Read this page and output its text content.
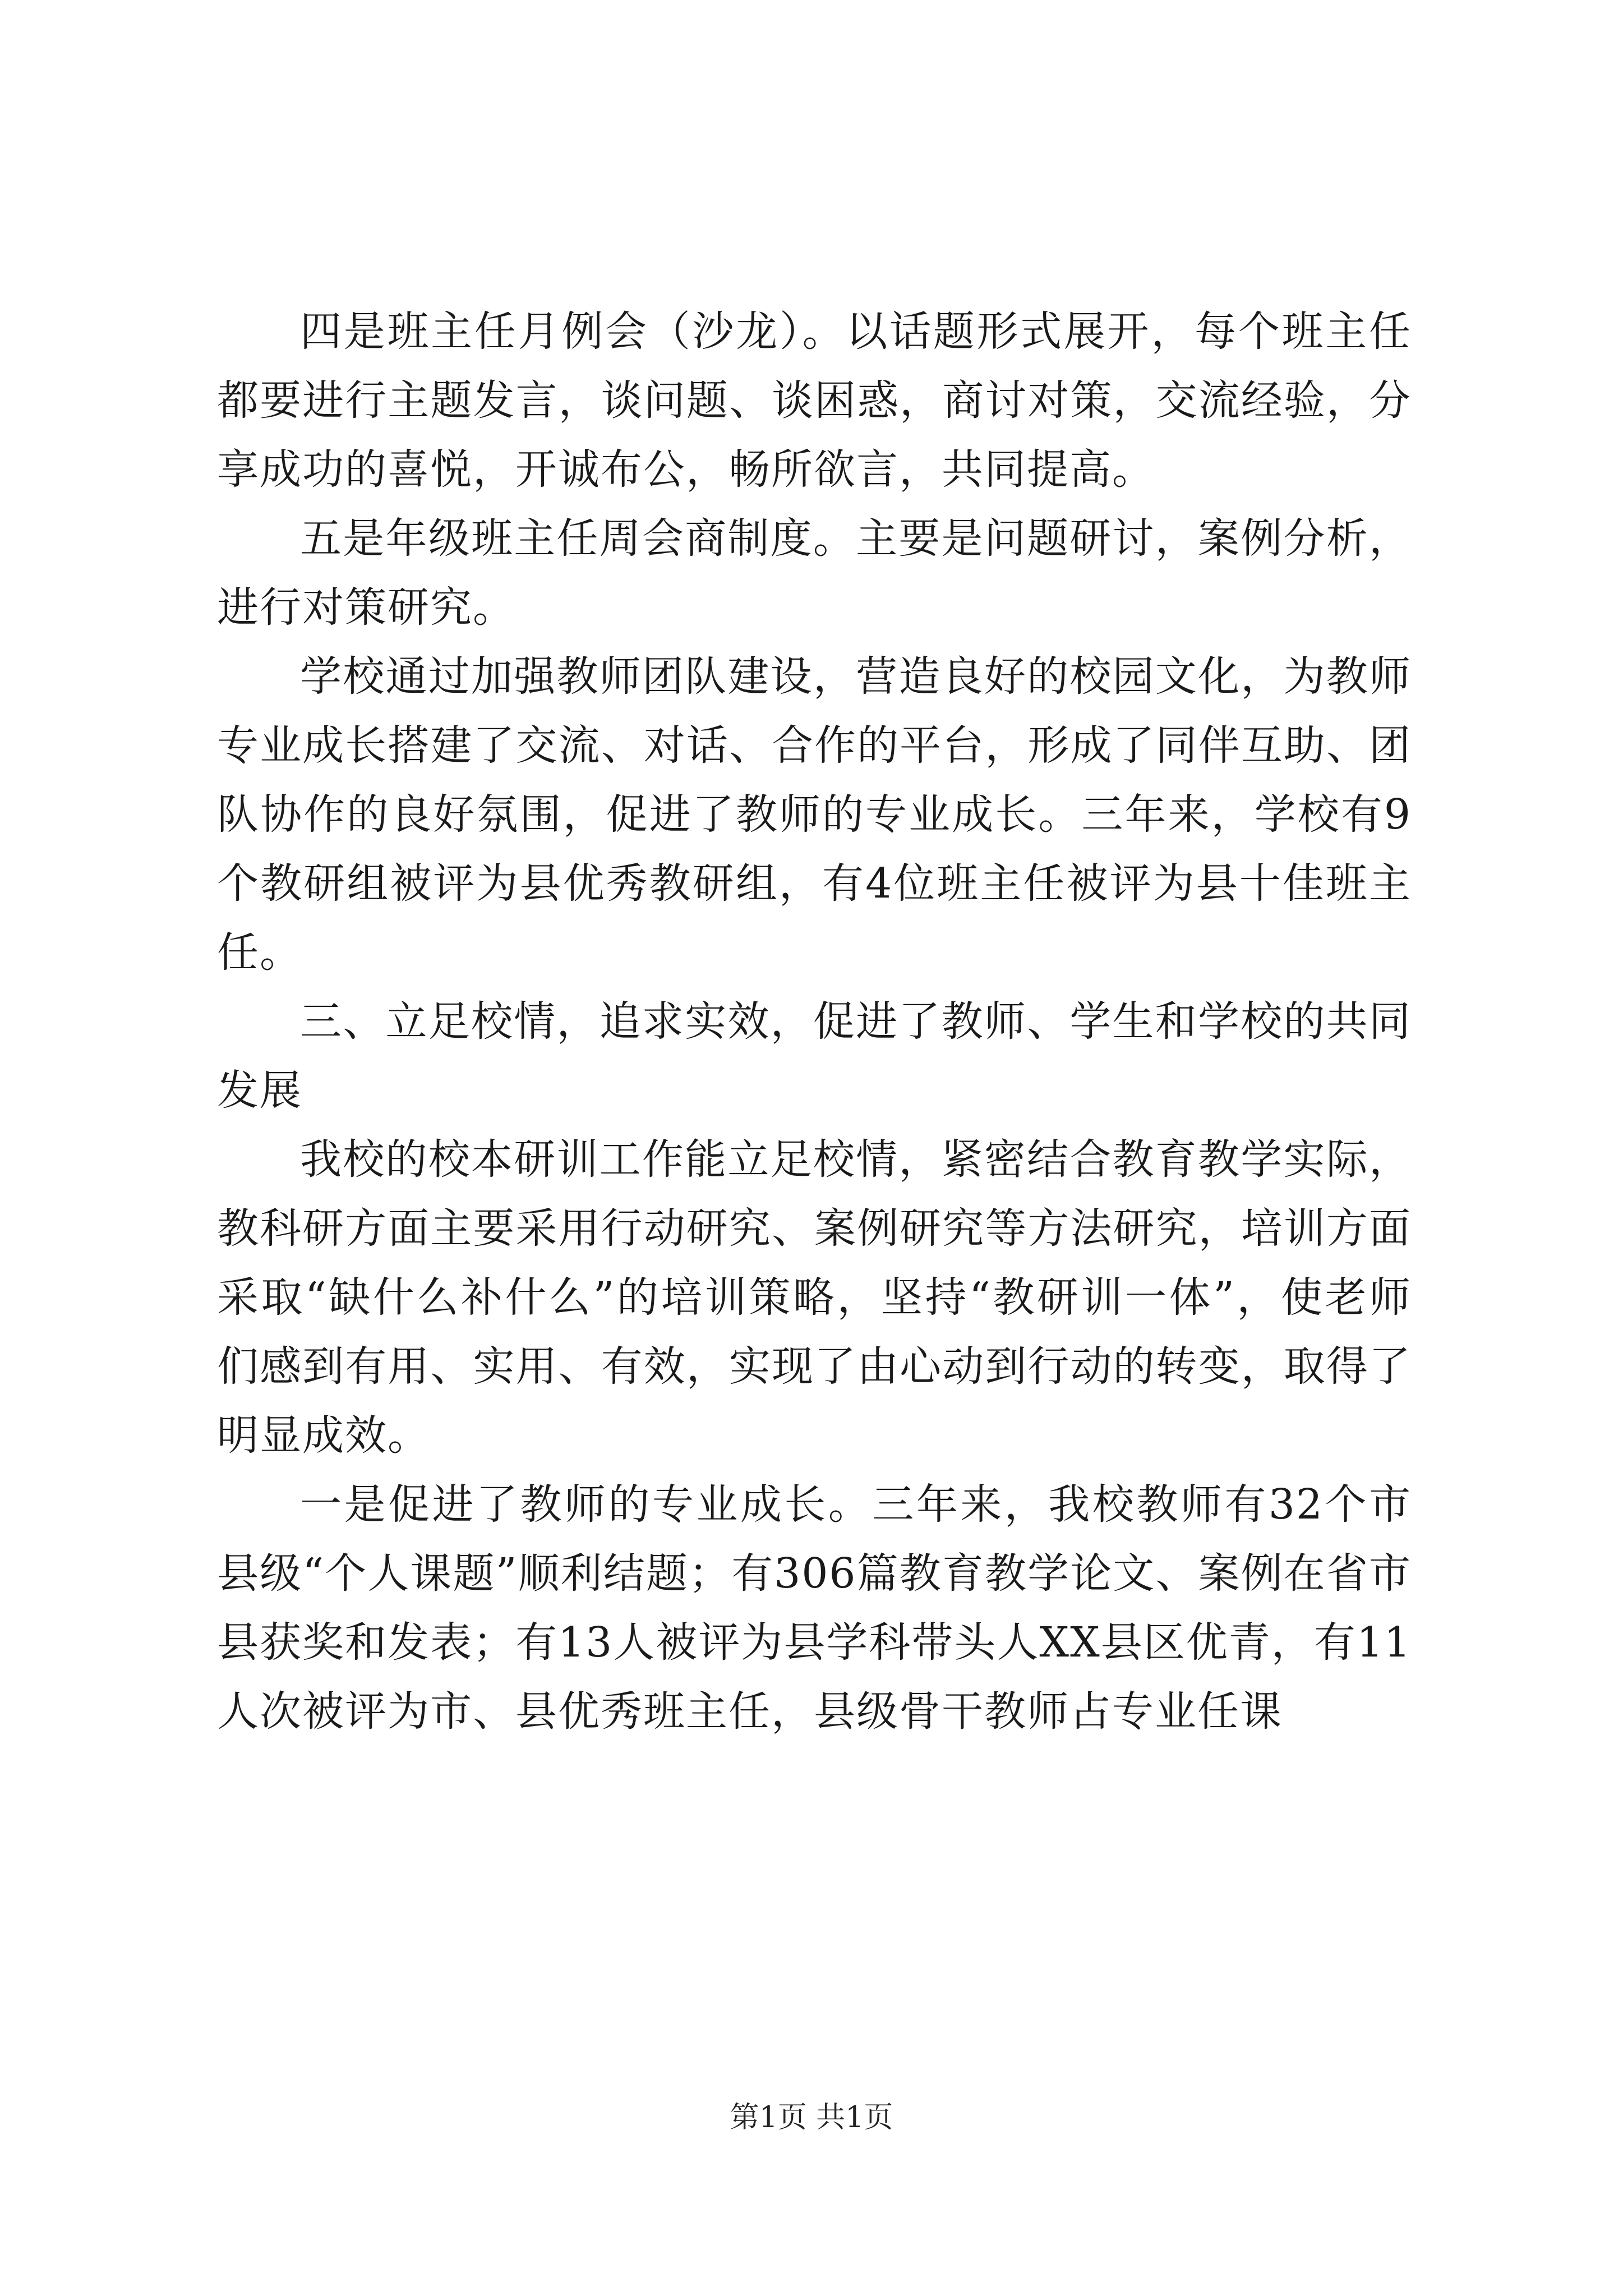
四是班主任月例会（沙龙）。以话题形式展开，每个班主任都要进行主题发言，谈问题、谈困惑，商讨对策，交流经验，分享成功的喜悦，开诚布公，畅所欲言，共同提高。

五是年级班主任周会商制度。主要是问题研讨，案例分析，进行对策研究。

学校通过加强教师团队建设，营造良好的校园文化，为教师专业成长搭建了交流、对话、合作的平台，形成了同伴互助、团队协作的良好氛围，促进了教师的专业成长。三年来，学校有9个教研组被评为县优秀教研组，有4位班主任被评为县十佳班主任。

三、立足校情，追求实效，促进了教师、学生和学校的共同发展

我校的校本研训工作能立足校情，紧密结合教育教学实际，教科研方面主要采用行动研究、案例研究等方法研究，培训方面采取“缺什么补什么”的培训策略，坚持“教研训一体”，使老师们感到有用、实用、有效，实现了由心动到行动的转变，取得了明显成效。

一是促进了教师的专业成长。三年来，我校教师有32个市县级“个人课题”顺利结题；有306篇教育教学论文、案例在省市县获奖和发表；有13人被评为县学科带头人XX县区优青，有11人次被评为市、县优秀班主任，县级骨干教师占专业任课

第1页 共1页
